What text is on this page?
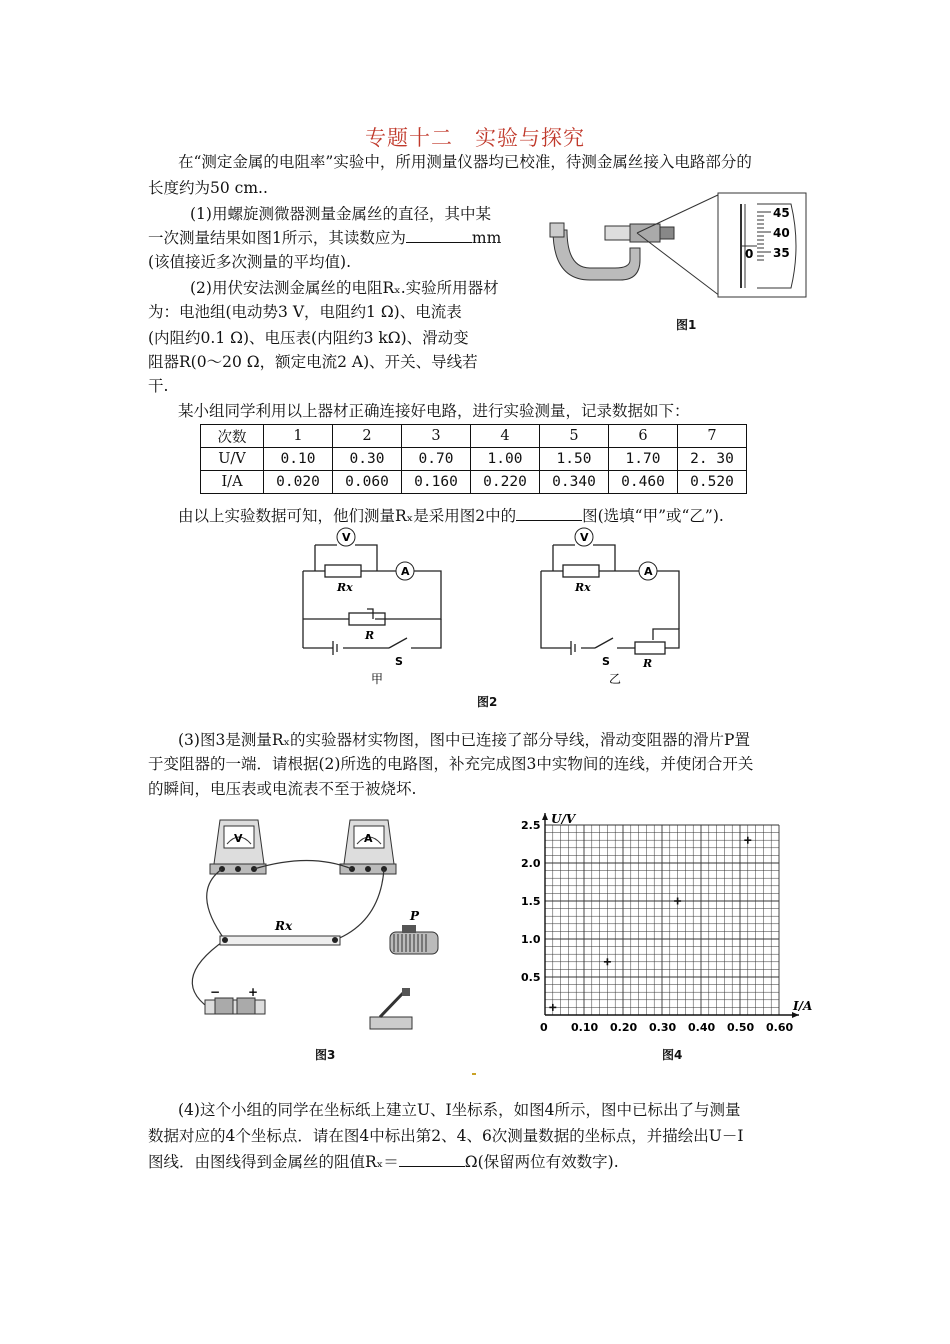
专题十二　实验与探究

在“测定金属的电阻率”实验中，所用测量仪器均已校准，待测金属丝接入电路部分的

长度约为50 cm..

(1)用螺旋测微器测量金属丝的直径，其中某

一次测量结果如图1所示，其读数应为	mm

(该值接近多次测量的平均值).

(2)用伏安法测金属丝的电阻Rₓ.实验所用器材

为：电池组(电动势3 V，电阻约1 Ω)、电流表

(内阻约0.1 Ω)、电压表(内阻约3 kΩ)、滑动变

阻器R(0～20 Ω，额定电流2 A)、开关、导线若

干.

45
40
35
0
图1

某小组同学利用以上器材正确连接好电路，进行实验测量，记录数据如下：

次数	1	2	3	4	5	6	7
U/V	0.10	0.30	0.70	1.00	1.50	1.70	2. 30
I/A	0.020	0.060	0.160	0.220	0.340	0.460	0.520

由以上实验数据可知，他们测量Rₓ是采用图2中的	图(选填“甲”或“乙”).

V
A
Rx
R
S
甲
V
A
Rx
R
S
乙
图2

(3)图3是测量Rₓ的实验器材实物图，图中已连接了部分导线，滑动变阻器的滑片P置

于变阻器的一端．请根据(2)所选的电路图，补充完成图3中实物间的连线，并使闭合开关

的瞬间，电压表或电流表不至于被烧坏.

V	A
Rx
P
− +
图3
0.10 0.20 0.30 0.40 0.50 0.60
0.5
1.0
1.5
2.0
2.5 U/V
I/A
0
图4

(4)这个小组的同学在坐标纸上建立U、I坐标系，如图4所示，图中已标出了与测量

数据对应的4个坐标点．请在图4中标出第2、4、6次测量数据的坐标点，并描绘出U－I

图线．由图线得到金属丝的阻值Rₓ＝	Ω(保留两位有效数字).
